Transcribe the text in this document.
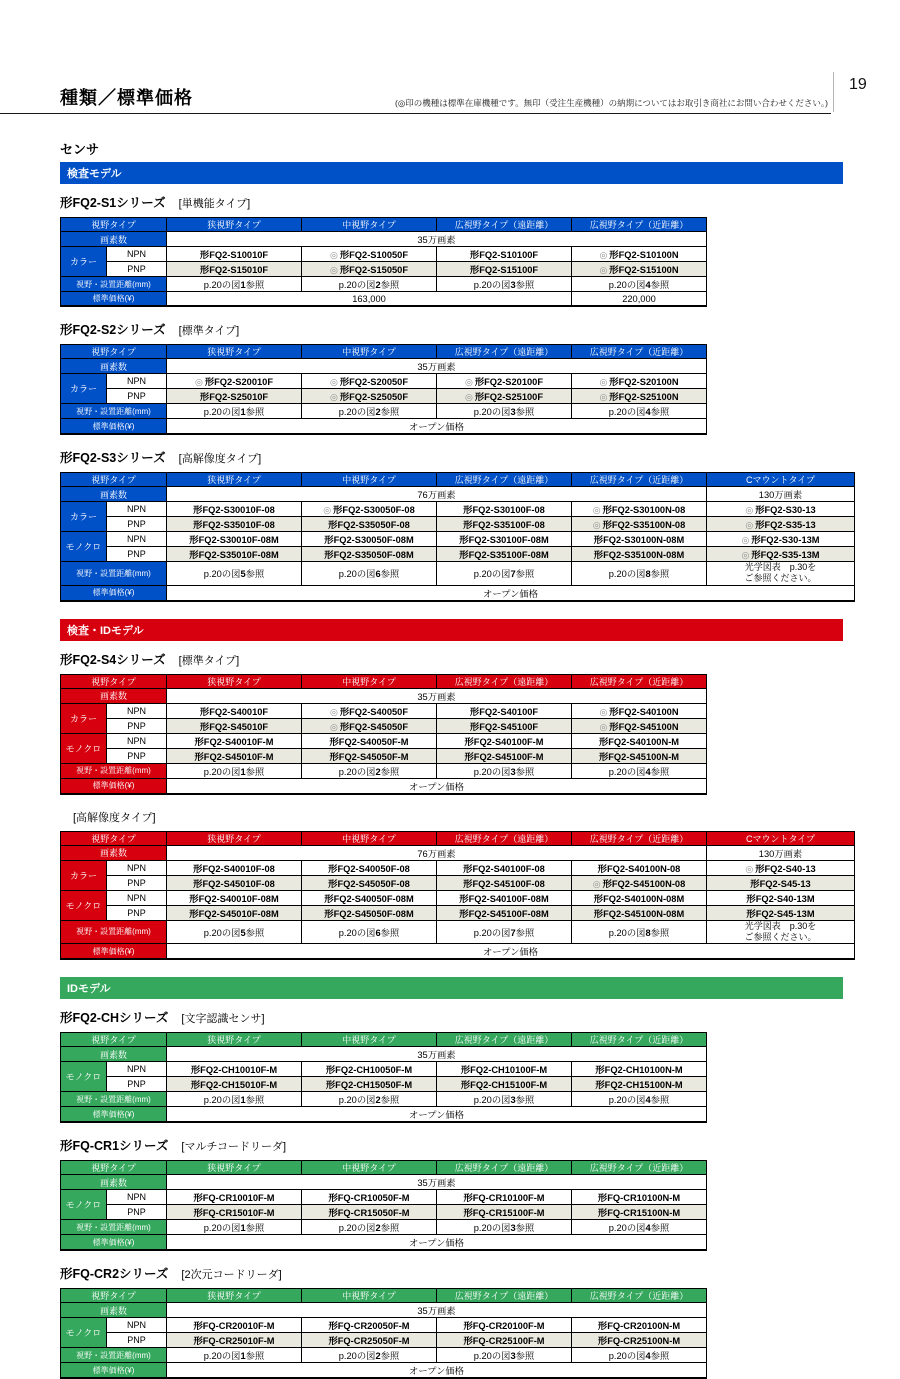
種類／標準価格	(◎印の機種は標準在庫機種です。無印（受注生産機種）の納期についてはお取引き商社にお問い合わせください。)
19
センサ
検査モデル
形FQ2-S1シリーズ [単機能タイプ]
視野タイプ		狭視野タイプ	中視野タイプ	広視野タイプ（遠距離）	広視野タイプ（近距離）
画素数		35万画素			
カラー	NPN	形FQ2-S10010F	◎ 形FQ2-S10050F	形FQ2-S10100F	◎ 形FQ2-S10100N
	PNP	形FQ2-S15010F	◎ 形FQ2-S15050F	形FQ2-S15100F	◎ 形FQ2-S15100N
視野・設置距離(mm)		p.20の図1参照	p.20の図2参照	p.20の図3参照	p.20の図4参照
標準価格(¥)		163,000			220,000
形FQ2-S2シリーズ [標準タイプ]
視野タイプ		狭視野タイプ	中視野タイプ	広視野タイプ（遠距離）	広視野タイプ（近距離）
画素数		35万画素			
カラー	NPN	◎ 形FQ2-S20010F	◎ 形FQ2-S20050F	◎ 形FQ2-S20100F	◎ 形FQ2-S20100N
	PNP	形FQ2-S25010F	◎ 形FQ2-S25050F	◎ 形FQ2-S25100F	◎ 形FQ2-S25100N
視野・設置距離(mm)		p.20の図1参照	p.20の図2参照	p.20の図3参照	p.20の図4参照
標準価格(¥)		オープン価格			
形FQ2-S3シリーズ [高解像度タイプ]
視野タイプ		狭視野タイプ	中視野タイプ	広視野タイプ（遠距離）	広視野タイプ（近距離）	Cマウントタイプ
画素数		76万画素				130万画素
カラー	NPN	形FQ2-S30010F-08	◎ 形FQ2-S30050F-08	形FQ2-S30100F-08	◎ 形FQ2-S30100N-08	◎ 形FQ2-S30-13
	PNP	形FQ2-S35010F-08	形FQ2-S35050F-08	形FQ2-S35100F-08	◎ 形FQ2-S35100N-08	◎ 形FQ2-S35-13
モノクロ	NPN	形FQ2-S30010F-08M	形FQ2-S30050F-08M	形FQ2-S30100F-08M	形FQ2-S30100N-08M	◎ 形FQ2-S30-13M
	PNP	形FQ2-S35010F-08M	形FQ2-S35050F-08M	形FQ2-S35100F-08M	形FQ2-S35100N-08M	◎ 形FQ2-S35-13M
視野・設置距離(mm)		p.20の図5参照	p.20の図6参照	p.20の図7参照	p.20の図8参照	光学図表　p.30を
ご参照ください。
標準価格(¥)		オープン価格				
検査・IDモデル
形FQ2-S4シリーズ [標準タイプ]
視野タイプ		狭視野タイプ	中視野タイプ	広視野タイプ（遠距離）	広視野タイプ（近距離）
画素数		35万画素			
カラー	NPN	形FQ2-S40010F	◎ 形FQ2-S40050F	形FQ2-S40100F	◎ 形FQ2-S40100N
	PNP	形FQ2-S45010F	◎ 形FQ2-S45050F	形FQ2-S45100F	◎ 形FQ2-S45100N
モノクロ	NPN	形FQ2-S40010F-M	形FQ2-S40050F-M	形FQ2-S40100F-M	形FQ2-S40100N-M
	PNP	形FQ2-S45010F-M	形FQ2-S45050F-M	形FQ2-S45100F-M	形FQ2-S45100N-M
視野・設置距離(mm)		p.20の図1参照	p.20の図2参照	p.20の図3参照	p.20の図4参照
標準価格(¥)		オープン価格			
[高解像度タイプ]
視野タイプ		狭視野タイプ	中視野タイプ	広視野タイプ（遠距離）	広視野タイプ（近距離）	Cマウントタイプ
画素数		76万画素				130万画素
カラー	NPN	形FQ2-S40010F-08	形FQ2-S40050F-08	形FQ2-S40100F-08	形FQ2-S40100N-08	◎ 形FQ2-S40-13
	PNP	形FQ2-S45010F-08	形FQ2-S45050F-08	形FQ2-S45100F-08	◎ 形FQ2-S45100N-08	形FQ2-S45-13
モノクロ	NPN	形FQ2-S40010F-08M	形FQ2-S40050F-08M	形FQ2-S40100F-08M	形FQ2-S40100N-08M	形FQ2-S40-13M
	PNP	形FQ2-S45010F-08M	形FQ2-S45050F-08M	形FQ2-S45100F-08M	形FQ2-S45100N-08M	形FQ2-S45-13M
視野・設置距離(mm)		p.20の図5参照	p.20の図6参照	p.20の図7参照	p.20の図8参照	光学図表　p.30を
ご参照ください。
標準価格(¥)		オープン価格				
IDモデル
形FQ2-CHシリーズ [文字認識センサ]
視野タイプ		狭視野タイプ	中視野タイプ	広視野タイプ（遠距離）	広視野タイプ（近距離）
画素数		35万画素			
モノクロ	NPN	形FQ2-CH10010F-M	形FQ2-CH10050F-M	形FQ2-CH10100F-M	形FQ2-CH10100N-M
	PNP	形FQ2-CH15010F-M	形FQ2-CH15050F-M	形FQ2-CH15100F-M	形FQ2-CH15100N-M
視野・設置距離(mm)		p.20の図1参照	p.20の図2参照	p.20の図3参照	p.20の図4参照
標準価格(¥)		オープン価格			
形FQ-CR1シリーズ [マルチコードリーダ]
視野タイプ		狭視野タイプ	中視野タイプ	広視野タイプ（遠距離）	広視野タイプ（近距離）
画素数		35万画素			
モノクロ	NPN	形FQ-CR10010F-M	形FQ-CR10050F-M	形FQ-CR10100F-M	形FQ-CR10100N-M
	PNP	形FQ-CR15010F-M	形FQ-CR15050F-M	形FQ-CR15100F-M	形FQ-CR15100N-M
視野・設置距離(mm)		p.20の図1参照	p.20の図2参照	p.20の図3参照	p.20の図4参照
標準価格(¥)		オープン価格			
形FQ-CR2シリーズ [2次元コードリーダ]
視野タイプ		狭視野タイプ	中視野タイプ	広視野タイプ（遠距離）	広視野タイプ（近距離）
画素数		35万画素			
モノクロ	NPN	形FQ-CR20010F-M	形FQ-CR20050F-M	形FQ-CR20100F-M	形FQ-CR20100N-M
	PNP	形FQ-CR25010F-M	形FQ-CR25050F-M	形FQ-CR25100F-M	形FQ-CR25100N-M
視野・設置距離(mm)		p.20の図1参照	p.20の図2参照	p.20の図3参照	p.20の図4参照
標準価格(¥)		オープン価格			
